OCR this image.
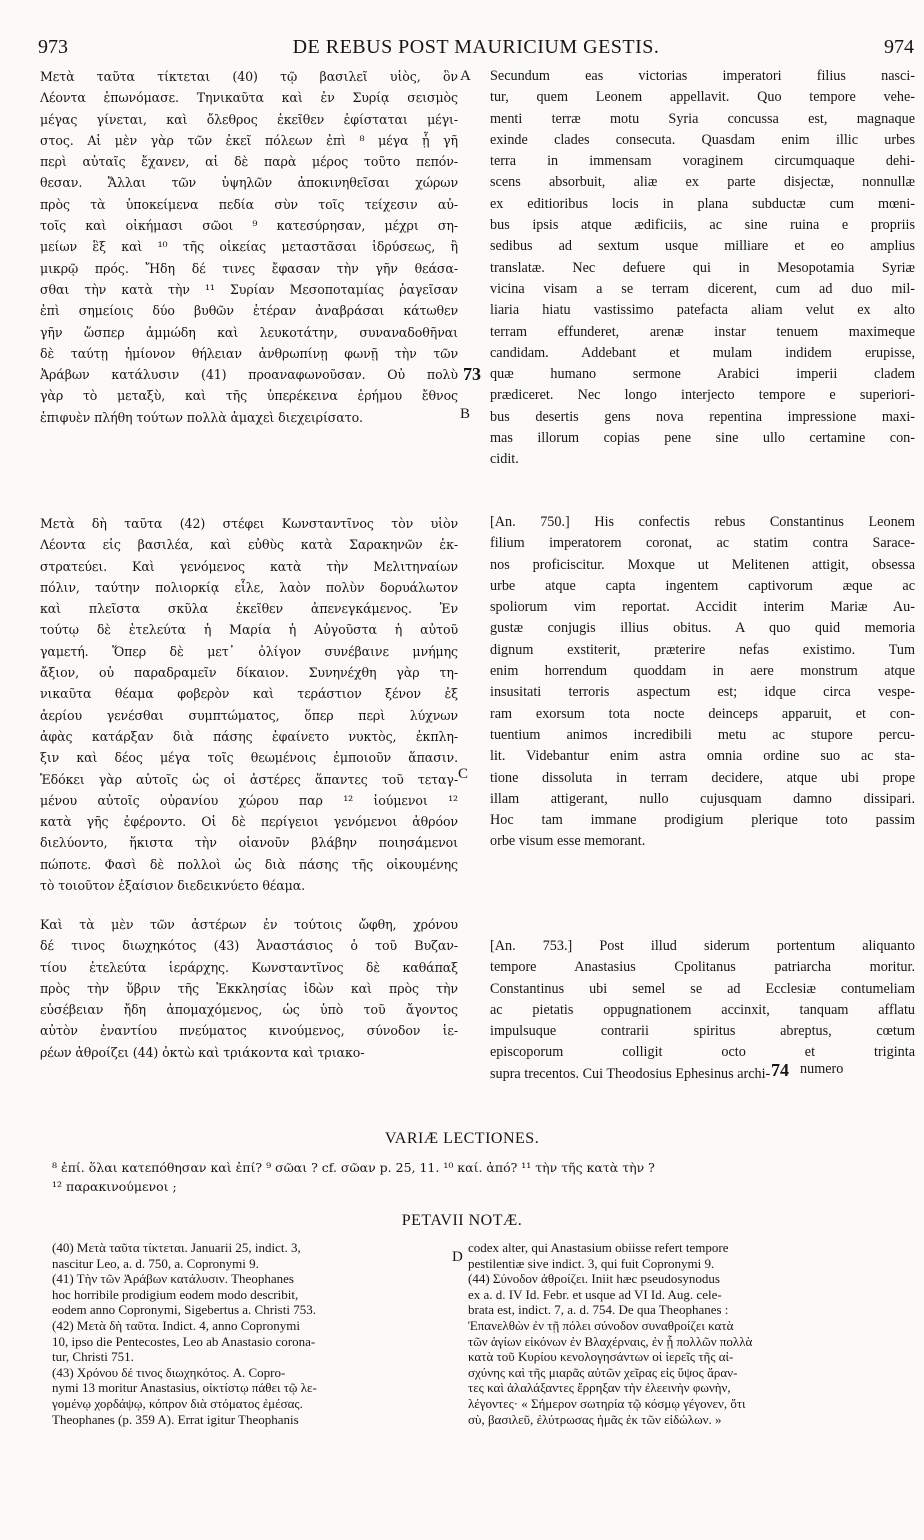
973	DE REBUS POST MAURICIUM GESTIS.	974
Μετὰ ταῦτα τίκτεται (40) τῷ βασιλεῖ υἱὸς, ὃν
Λέοντα ἐπωνόμασε. Τηνικαῦτα καὶ ἐν Συρίᾳ σεισμὸς
μέγας γίνεται, καὶ ὄλεθρος ἐκεῖθεν ἐφίσταται μέγι-
στος. Αἱ μὲν γὰρ τῶν ἐκεῖ πόλεων ἐπὶ ⁸ μέγα ᾗ γῆ
περὶ αὐταῖς ἔχανεν, αἱ δὲ παρὰ μέρος τοῦτο πεπόν-
θεσαν. Ἄλλαι τῶν ὑψηλῶν ἀποκινηθεῖσαι χώρων
πρὸς τὰ ὑποκείμενα πεδία σὺν τοῖς τείχεσιν αὐ-
τοῖς καὶ οἰκήμασι σῶοι ⁹ κατεσύρησαν, μέχρι ση-
μείων ἓξ καὶ ¹⁰ τῆς οἰκείας μεταστᾶσαι ἱδρύσεως, ἢ
μικρῷ πρός. Ἤδη δέ τινες ἔφασαν τὴν γῆν θεάσα-
σθαι τὴν κατὰ τὴν ¹¹ Συρίαν Μεσοποταμίας ῥαγεῖσαν
ἐπὶ σημείοις δύο βυθῶν ἑτέραν ἀναβράσαι κάτωθεν
γῆν ὥσπερ ἀμμώδη καὶ λευκοτάτην, συναναδοθῆναι
δὲ ταύτῃ ἡμίονον θήλειαν ἀνθρωπίνῃ φωνῇ τὴν τῶν
Ἀράβων κατάλυσιν (41) προαναφωνοῦσαν. Οὐ πολὺ
γὰρ τὸ μεταξὺ, καὶ τῆς ὑπερέκεινα ἐρήμου ἔθνος
ἐπιφυὲν πλήθη τούτων πολλὰ ἀμαχεὶ διεχειρίσατο.
Μετὰ δὴ ταῦτα (42) στέφει Κωνσταντῖνος τὸν υἱὸν
Λέοντα εἰς βασιλέα, καὶ εὐθὺς κατὰ Σαρακηνῶν ἐκ-
στρατεύει. Καὶ γενόμενος κατὰ τὴν Μελιτηναίων
πόλιν, ταύτην πολιορκίᾳ εἷλε, λαὸν πολὺν δορυάλωτον
καὶ πλεῖστα σκῦλα ἐκεῖθεν ἀπενεγκάμενος. Ἐν
τούτῳ δὲ ἐτελεύτα ἡ Μαρία ἡ Αὐγοῦστα ἡ αὐτοῦ
γαμετή. Ὅπερ δὲ μετ᾿ ὀλίγον συνέβαινε μνήμης
ἄξιον, οὐ παραδραμεῖν δίκαιον. Συνηνέχθη γὰρ τη-
νικαῦτα θέαμα φοβερὸν καὶ τεράστιον ξένον ἐξ
ἀερίου γενέσθαι συμπτώματος, ὅπερ περὶ λύχνων
ἀφὰς κατάρξαν διὰ πάσης ἐφαίνετο νυκτὸς, ἐκπλη-
ξιν καὶ δέος μέγα τοῖς θεωμένοις ἐμποιοῦν ἅπασιν.
Ἐδόκει γὰρ αὐτοῖς ὡς οἱ ἀστέρες ἅπαντες τοῦ τεταγ-
μένου αὐτοῖς οὐρανίου χώρου παρ ¹² ἰούμενοι ¹²
κατὰ γῆς ἐφέροντο. Οἱ δὲ περίγειοι γενόμενοι ἀθρόον
διελύοντο, ἥκιστα τὴν οἱανοῦν βλάβην ποιησάμενοι
πώποτε. Φασὶ δὲ πολλοὶ ὡς διὰ πάσης τῆς οἰκουμένης
τὸ τοιοῦτον ἐξαίσιον διεδεικνύετο θέαμα.
Καὶ τὰ μὲν τῶν ἀστέρων ἐν τούτοις ὤφθη, χρόνου
δέ τινος διωχηκότος (43) Ἀναστάσιος ὁ τοῦ Βυζαν-
τίου ἐτελεύτα ἱεράρχης. Κωνσταντῖνος δὲ καθάπαξ
πρὸς τὴν ὕβριν τῆς Ἐκκλησίας ἰδὼν καὶ πρὸς τὴν
εὐσέβειαν ἤδη ἀπομαχόμενος, ὡς ὑπὸ τοῦ ἄγοντος
αὐτὸν ἐναντίου πνεύματος κινούμενος, σύνοδον ἱε-
ρέων ἀθροίζει (44) ὀκτὼ καὶ τριάκοντα καὶ τριακο-
Secundum eas victorias imperatori filius nasci-
tur, quem Leonem appellavit. Quo tempore vehe-
menti terræ motu Syria concussa est, magnaque
exinde clades consecuta. Quasdam enim illic urbes
terra in immensam voraginem circumquaque dehi-
scens absorbuit, aliæ ex parte disjectæ, nonnullæ
ex editioribus locis in plana subductæ cum mœni-
bus ipsis atque ædificiis, ac sine ruina e propriis
sedibus ad sextum usque milliare et eo amplius
translatæ. Nec defuere qui in Mesopotamia Syriæ
vicina visam a se terram dicerent, cum ad duo mil-
liaria hiatu vastissimo patefacta aliam velut ex alto
terram effunderet, arenæ instar tenuem maximeque
candidam. Addebant et mulam indidem erupisse,
quæ humano sermone Arabici imperii cladem
prædiceret. Nec longo interjecto tempore e superiori-
bus desertis gens nova repentina impressione maxi-
mas illorum copias pene sine ullo certamine con-
cidit.
[An. 750.] His confectis rebus Constantinus Leonem
filium imperatorem coronat, ac statim contra Sarace-
nos proficiscitur. Moxque ut Melitenen attigit, obsessa
urbe atque capta ingentem captivorum æque ac
spoliorum vim reportat. Accidit interim Mariæ Au-
gustæ conjugis illius obitus. A quo quid memoria
dignum exstiterit, præterire nefas existimo. Tum
enim horrendum quoddam in aere monstrum atque
insusitati terroris aspectum est; idque circa vespe-
ram exorsum tota nocte deinceps apparuit, et con-
tuentium animos incredibili metu ac stupore percu-
lit. Videbantur enim astra omnia ordine suo ac sta-
tione dissoluta in terram decidere, atque ubi prope
illam attigerant, nullo cujusquam damno dissipari.
Hoc tam immane prodigium plerique toto passim
orbe visum esse memorant.
[An. 753.] Post illud siderum portentum aliquanto
tempore Anastasius Cpolitanus patriarcha moritur.
Constantinus ubi semel se ad Ecclesiæ contumeliam
ac pietatis oppugnationem accinxit, tanquam afflatu
impulsuque contrarii spiritus abreptus, cœtum
episcoporum colligit octo et triginta
supra trecentos. Cui Theodosius Ephesinus archi- 74 numero
A
B
C
D
73
VARIÆ LECTIONES.
⁸ ἐπί. ὅλαι κατεπόθησαν καὶ ἐπί? ⁹ σῶαι ? cf. σῶαν p. 25, 11. ¹⁰ καί. ἀπό? ¹¹ τὴν τῆς κατὰ τὴν ?
¹² παρακινούμενοι ;
PETAVII NOTÆ.
(40) Μετὰ ταῦτα τίκτεται. Januarii 25, indict. 3,
nascitur Leo, a. d. 750, a. Copronymi 9.
(41) Τὴν τῶν Ἀράβων κατάλυσιν. Theophanes
hoc horribile prodigium eodem modo describit,
eodem anno Copronymi, Sigebertus a. Christi 753.
(42) Μετὰ δὴ ταῦτα. Indict. 4, anno Copronymi
10, ipso die Pentecostes, Leo ab Anastasio corona-
tur, Christi 751.
(43) Χρόνου δέ τινος διωχηκότος. A. Copro-
nymi 13 moritur Anastasius, οἰκτίστῳ πάθει τῷ λε-
γομένῳ χορδάψῳ, κόπρον διὰ στόματος ἐμέσας.
Theophanes (p. 359 A). Errat igitur Theophanis
codex alter, qui Anastasium obiisse refert tempore
pestilentiæ sive indict. 3, qui fuit Copronymi 9.
(44) Σύνοδον ἀθροίζει. Iniit hæc pseudosynodus
ex a. d. IV Id. Febr. et usque ad VI Id. Aug. cele-
brata est, indict. 7, a. d. 754. De qua Theophanes :
Ἐπανελθὼν ἐν τῇ πόλει σύνοδον συναθροίζει κατὰ
τῶν ἁγίων εἰκόνων ἐν Βλαχέρναις, ἐν ᾗ πολλῶν πολλὰ
κατὰ τοῦ Κυρίου κενολογησάντων οἱ ἱερεῖς τῆς αἰ-
σχύνης καὶ τῆς μιαρᾶς αὐτῶν χεῖρας εἰς ὕψος ἄραν-
τες καὶ ἀλαλάξαντες ἔρρηξαν τὴν ἐλεεινὴν φωνὴν,
λέγοντες· « Σήμερον σωτηρία τῷ κόσμῳ γέγονεν, ὅτι
σὺ, βασιλεῦ, ἐλύτρωσας ἡμᾶς ἐκ τῶν εἰδώλων. »
